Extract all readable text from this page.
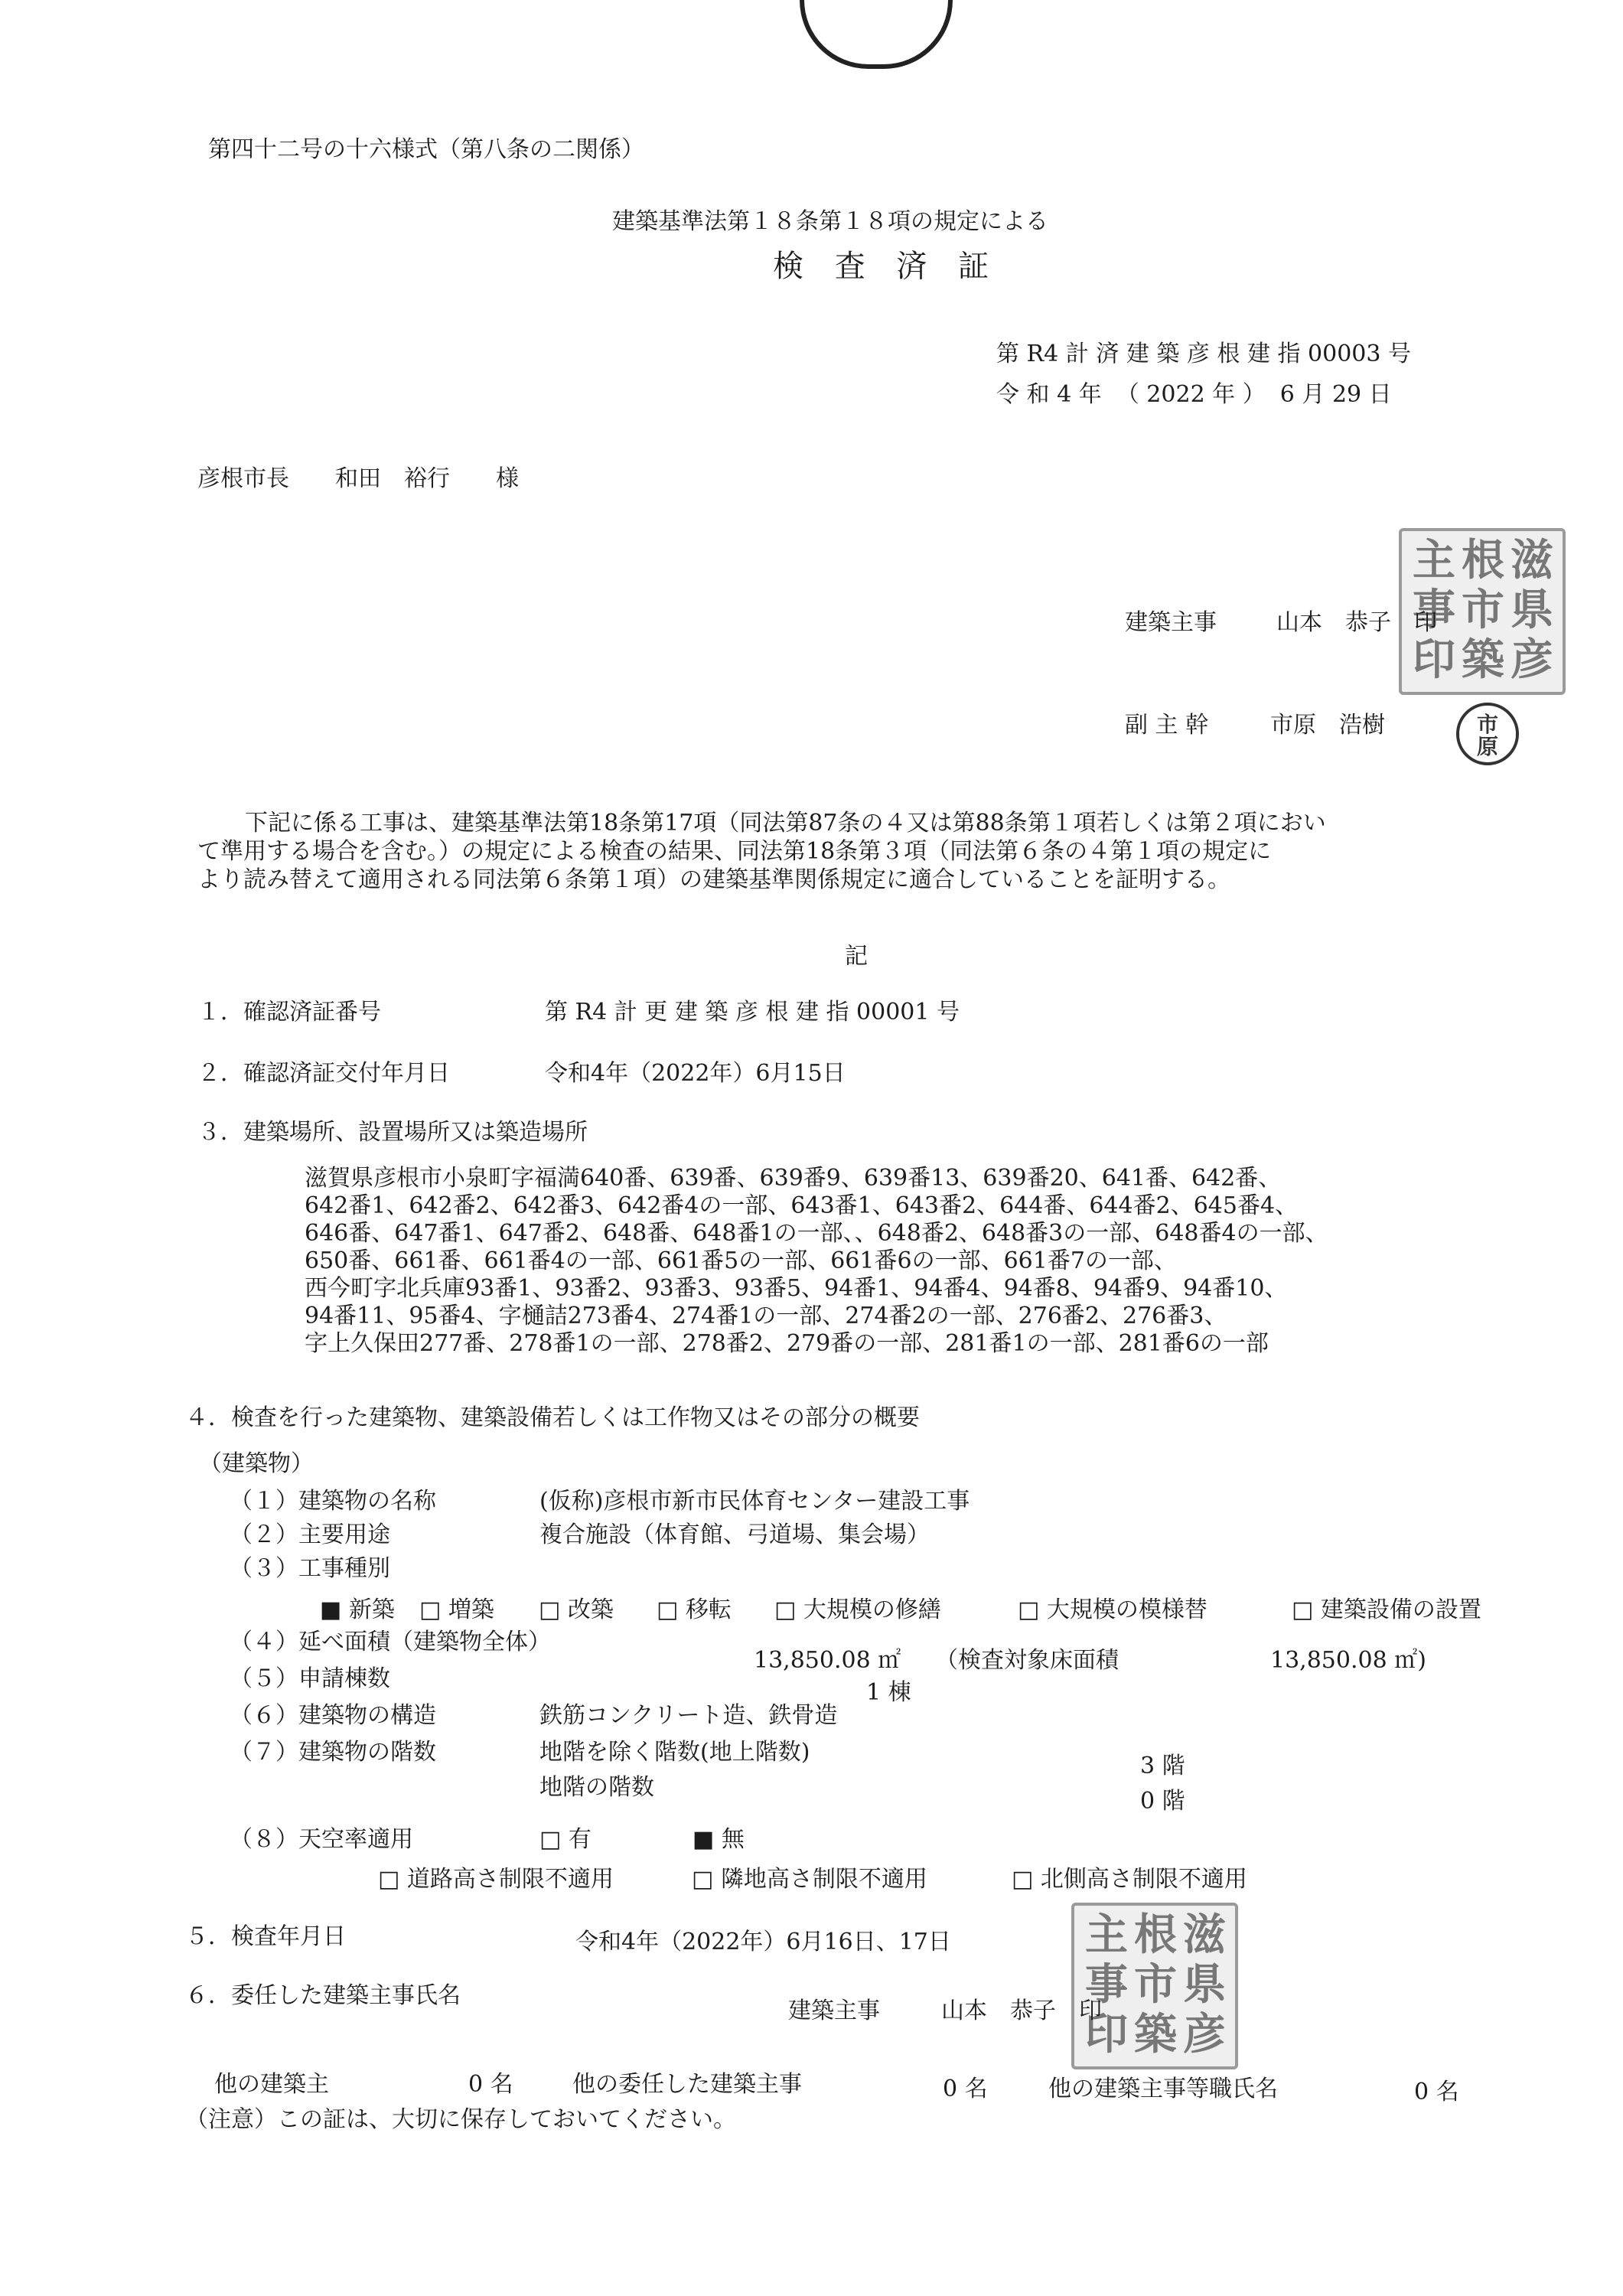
第四十二号の十六様式（第八条の二関係）
建築基準法第１８条第１８項の規定による
検 査 済 証
第 R4 計 済 建 築 彦 根 建 指 00003 号
令 和 4 年  （ 2022 年 ）  6 月 29 日
彦根市長　　和田　裕行　　様
主
事
印
根
市
築
滋
県
彦
建築主事	山本　恭子　印
副 主 幹	市原　浩樹	市
原
下記に係る工事は、建築基準法第18条第17項（同法第87条の４又は第88条第１項若しくは第２項におい
て準用する場合を含む。）の規定による検査の結果、同法第18条第３項（同法第６条の４第１項の規定に
より読み替えて適用される同法第６条第１項）の建築基準関係規定に適合していることを証明する。
記
１．確認済証番号	第 R4 計 更 建 築 彦 根 建 指 00001 号
２．確認済証交付年月日	令和4年（2022年）6月15日
３．建築場所、設置場所又は築造場所
滋賀県彦根市小泉町字福満640番、639番、639番9、639番13、639番20、641番、642番、
642番1、642番2、642番3、642番4の一部、643番1、643番2、644番、644番2、645番4、
646番、647番1、647番2、648番、648番1の一部、、648番2、648番3の一部、648番4の一部、
650番、661番、661番4の一部、661番5の一部、661番6の一部、661番7の一部、
西今町字北兵庫93番1、93番2、93番3、93番5、94番1、94番4、94番8、94番9、94番10、
94番11、95番4、字樋詰273番4、274番1の一部、274番2の一部、276番2、276番3、
字上久保田277番、278番1の一部、278番2、279番の一部、281番1の一部、281番6の一部
４．検査を行った建築物、建築設備若しくは工作物又はその部分の概要
（建築物）
（１）建築物の名称	(仮称)彦根市新市民体育センター建設工事
（２）主要用途	複合施設（体育館、弓道場、集会場）
（３）工事種別
■ 新築 □ 増築 □ 改築 □ 移転 □ 大規模の修繕	□ 大規模の模様替	□ 建築設備の設置
（４）延べ面積（建築物全体）
13,850.08 ㎡ （検査対象床面積	13,850.08 ㎡)
（５）申請棟数
1 棟
（６）建築物の構造	鉄筋コンクリート造、鉄骨造
（７）建築物の階数	地階を除く階数(地上階数)
3 階
地階の階数
0 階
（８）天空率適用	□ 有	■ 無
□ 道路高さ制限不適用	□ 隣地高さ制限不適用	□ 北側高さ制限不適用
５．検査年月日	令和4年（2022年）6月16日、17日	主
事
印
根
市
築
滋
県
彦
６．委任した建築主事氏名
建築主事	山本　恭子　印
他の建築主	0 名	他の委任した建築主事	0 名	他の建築主事等職氏名	0 名
（注意）この証は、大切に保存しておいてください。
